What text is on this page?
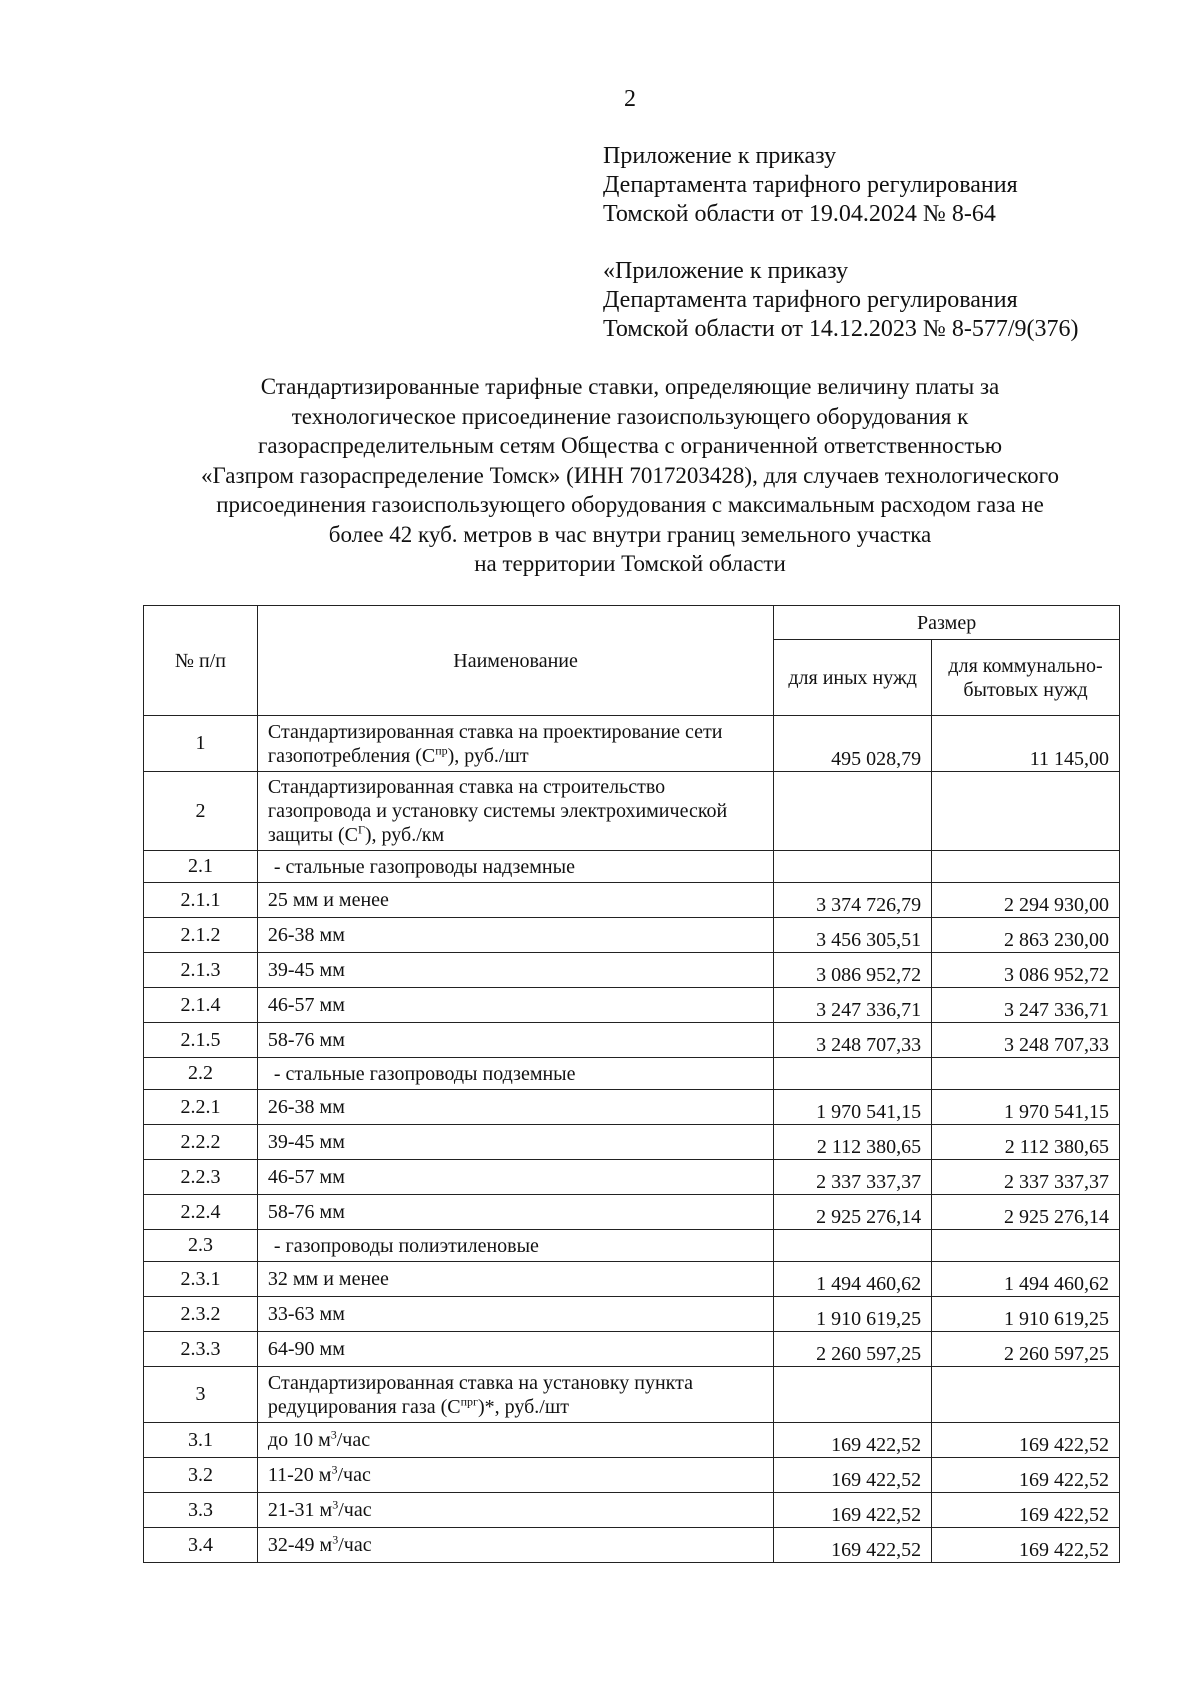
2
Приложение к приказу
Департамента тарифного регулирования
Томской области от 19.04.2024 № 8-64
«Приложение к приказу
Департамента тарифного регулирования
Томской области от 14.12.2023 № 8-577/9(376)
Стандартизированные тарифные ставки, определяющие величину платы за
технологическое присоединение газоиспользующего оборудования к
газораспределительным сетям Общества с ограниченной ответственностью
«Газпром газораспределение Томск» (ИНН 7017203428), для случаев технологического
присоединения газоиспользующего оборудования с максимальным расходом газа не
более 42 куб. метров в час внутри границ земельного участка
на территории Томской области
№ п/п	Наименование	Размер	
		для иных нужд	для коммунально-бытовых нужд
1	Стандартизированная ставка на проектирование сети газопотребления $(С^{пр})$, руб./шт	495 028,79	11 145,00
2	Стандартизированная ставка на строительство газопровода и установку системы электрохимической защиты $(С^Г)$, руб./км		
2.1	- стальные газопроводы надземные		
2.1.1	25 мм и менее	3 374 726,79	2 294 930,00
2.1.2	26-38 мм	3 456 305,51	2 863 230,00
2.1.3	39-45 мм	3 086 952,72	3 086 952,72
2.1.4	46-57 мм	3 247 336,71	3 247 336,71
2.1.5	58-76 мм	3 248 707,33	3 248 707,33
2.2	- стальные газопроводы подземные		
2.2.1	26-38 мм	1 970 541,15	1 970 541,15
2.2.2	39-45 мм	2 112 380,65	2 112 380,65
2.2.3	46-57 мм	2 337 337,37	2 337 337,37
2.2.4	58-76 мм	2 925 276,14	2 925 276,14
2.3	- газопроводы полиэтиленовые		
2.3.1	32 мм и менее	1 494 460,62	1 494 460,62
2.3.2	33-63 мм	1 910 619,25	1 910 619,25
2.3.3	64-90 мм	2 260 597,25	2 260 597,25
3	Стандартизированная ставка на установку пункта редуцирования газа $(С^{прг})*$, руб./шт		
3.1	до 10 $м^3$/час	169 422,52	169 422,52
3.2	11-20 $м^3$/час	169 422,52	169 422,52
3.3	21-31 $м^3$/час	169 422,52	169 422,52
3.4	32-49 $м^3$/час	169 422,52	169 422,52
